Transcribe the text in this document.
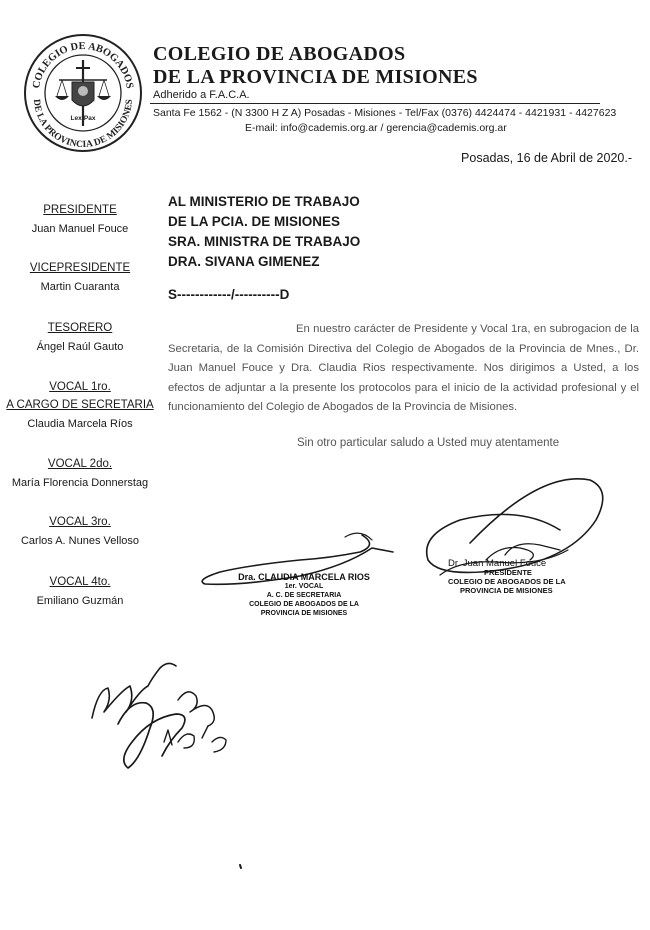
COLEGIO DE ABOGADOS
DE LA PROVINCIA DE MISIONES
Lex-Pax
COLEGIO DE ABOGADOS
DE LA PROVINCIA DE MISIONES
Adherido a F.A.C.A.
Santa Fe 1562 - (N 3300 H Z A) Posadas - Misiones - Tel/Fax (0376) 4424474 - 4421931 - 4427623
E-mail: info@cademis.org.ar / gerencia@cademis.org.ar
Posadas, 16 de Abril de 2020.-
PRESIDENTE
Juan Manuel Fouce
VICEPRESIDENTE
Martin Cuaranta
TESORERO
Ángel Raúl Gauto
VOCAL 1ro.
A CARGO DE SECRETARIA
Claudia Marcela Ríos
VOCAL 2do.
María Florencia Donnerstag
VOCAL 3ro.
Carlos A. Nunes Velloso
VOCAL 4to.
Emiliano Guzmán
AL MINISTERIO DE TRABAJO
DE LA PCIA. DE MISIONES
SRA. MINISTRA DE TRABAJO
DRA. SIVANA GIMENEZ
S------------/----------D

En nuestro carácter de Presidente y Vocal 1ra, en subrogacion de la Secretaria, de la Comisión Directiva del Colegio de Abogados de la Provincia de Mnes., Dr. Juan Manuel Fouce y Dra. Claudia Rios respectivamente. Nos dirigimos a Usted, a los efectos de adjuntar a la presente los protocolos para el inicio de la actividad profesional y el funcionamiento del Colegio de Abogados de la Provincia de Misiones.

Sin otro particular saludo a Usted muy atentamente
Dra. CLAUDIA MARCELA RIOS
1er. VOCAL
A. C. DE SECRETARIA
COLEGIO DE ABOGADOS DE LA
PROVINCIA DE MISIONES
Dr. Juan Manuel Fouce
PRESIDENTE
COLEGIO DE ABOGADOS DE LA
PROVINCIA DE MISIONES
